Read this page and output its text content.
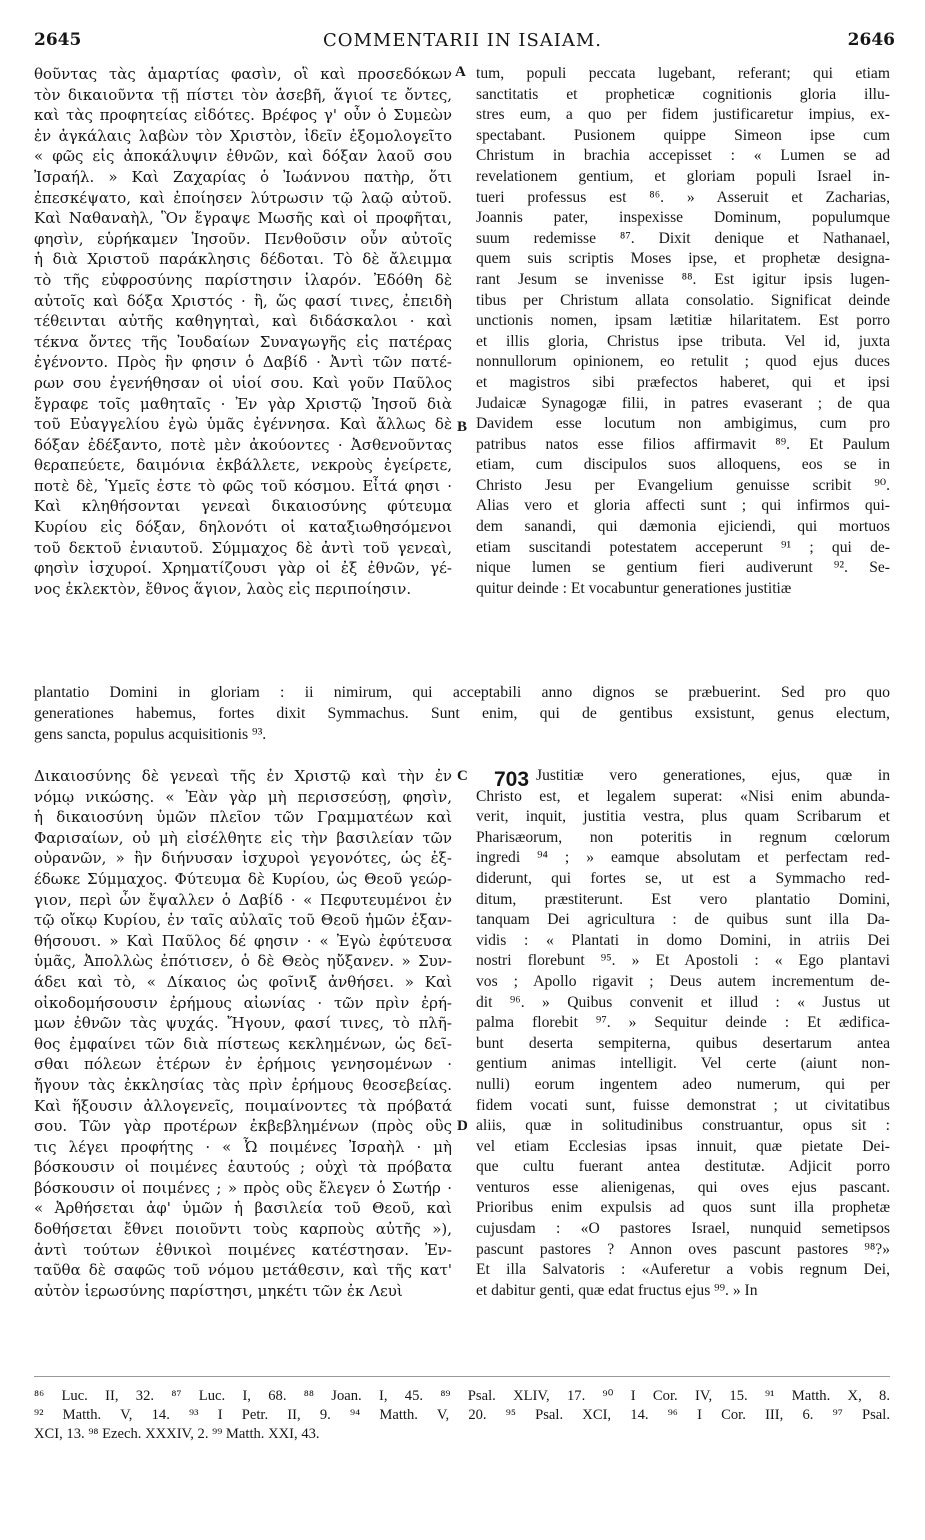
2645	COMMENTARII IN ISAIAM.	2646
θοῦντας τὰς ἁμαρτίας φασὶν, οἳ καὶ προσεδόκων
τὸν δικαιοῦντα τῇ πίστει τὸν ἀσεβῆ, ἅγιοί τε ὄντες,
καὶ τὰς προφητείας εἰδότες. Βρέφος γ' οὖν ὁ Συμεὼν
ἐν ἀγκάλαις λαβὼν τὸν Χριστὸν, ἰδεῖν ἐξομολογεῖτο
« φῶς εἰς ἀποκάλυψιν ἐθνῶν, καὶ δόξαν λαοῦ σου
Ἰσραήλ. » Καὶ Ζαχαρίας ὁ Ἰωάννου πατὴρ, ὅτι
ἐπεσκέψατο, καὶ ἐποίησεν λύτρωσιν τῷ λαῷ αὐτοῦ.
Καὶ Ναθαναὴλ, Ὃν ἔγραψε Μωσῆς καὶ οἱ προφῆται,
φησὶν, εὑρήκαμεν Ἰησοῦν. Πενθοῦσιν οὖν αὐτοῖς
ἡ διὰ Χριστοῦ παράκλησις δέδοται. Τὸ δὲ ἄλειμμα
τὸ τῆς εὐφροσύνης παρίστησιν ἱλαρόν. Ἐδόθη δὲ
αὐτοῖς καὶ δόξα Χριστός · ἢ, ὥς φασί τινες, ἐπειδὴ
τέθεινται αὐτῆς καθηγηταὶ, καὶ διδάσκαλοι · καὶ
τέκνα ὄντες τῆς Ἰουδαίων Συναγωγῆς εἰς πατέρας
ἐγένοντο. Πρὸς ἣν φησιν ὁ Δαβίδ · Ἀντὶ τῶν πατέ-
ρων σου ἐγενήθησαν οἱ υἱοί σου. Καὶ γοῦν Παῦλος
ἔγραφε τοῖς μαθηταῖς · Ἐν γὰρ Χριστῷ Ἰησοῦ διὰ
τοῦ Εὐαγγελίου ἐγὼ ὑμᾶς ἐγέννησα. Καὶ ἄλλως δὲ
δόξαν ἐδέξαντο, ποτὲ μὲν ἀκούοντες · Ἀσθενοῦντας
θεραπεύετε, δαιμόνια ἐκβάλλετε, νεκροὺς ἐγείρετε,
ποτὲ δὲ, Ὑμεῖς ἐστε τὸ φῶς τοῦ κόσμου. Εἶτά φησι ·
Καὶ κληθήσονται γενεαὶ δικαιοσύνης φύτευμα
Κυρίου εἰς δόξαν, δηλονότι οἱ καταξιωθησόμενοι
τοῦ δεκτοῦ ἐνιαυτοῦ. Σύμμαχος δὲ ἀντὶ τοῦ γενεαὶ,
φησὶν ἰσχυροί. Χρηματίζουσι γὰρ οἱ ἐξ ἐθνῶν, γέ-
νος ἐκλεκτὸν, ἔθνος ἅγιον, λαὸς εἰς περιποίησιν.
tum, populi peccata lugebant, referant; qui etiam
sanctitatis et propheticæ cognitionis gloria illu-
stres eum, a quo per fidem justificaretur impius, ex-
spectabant. Pusionem quippe Simeon ipse cum
Christum in brachia accepisset : « Lumen se ad
revelationem gentium, et gloriam populi Israel in-
tueri professus est ⁸⁶. » Asseruit et Zacharias,
Joannis pater, inspexisse Dominum, populumque
suum redemisse ⁸⁷. Dixit denique et Nathanael,
quem suis scriptis Moses ipse, et prophetæ designa-
rant Jesum se invenisse ⁸⁸. Est igitur ipsis lugen-
tibus per Christum allata consolatio. Significat deinde
unctionis nomen, ipsam lætitiæ hilaritatem. Est porro
et illis gloria, Christus ipse tributa. Vel id, juxta
nonnullorum opinionem, eo retulit ; quod ejus duces
et magistros sibi præfectos haberet, qui et ipsi
Judaicæ Synagogæ filii, in patres evaserant ; de qua
Davidem esse locutum non ambigimus, cum pro
patribus natos esse filios affirmavit ⁸⁹. Et Paulum
etiam, cum discipulos suos alloquens, eos se in
Christo Jesu per Evangelium genuisse scribit ⁹⁰.
Alias vero et gloria affecti sunt ; qui infirmos qui-
dem sanandi, qui dæmonia ejiciendi, qui mortuos
etiam suscitandi potestatem acceperunt ⁹¹ ; qui de-
nique lumen se gentium fieri audiverunt ⁹². Se-
quitur deinde : Et vocabuntur generationes justitiæ
A
B
C
D
plantatio Domini in gloriam : ii nimirum, qui acceptabili anno dignos se præbuerint. Sed pro quo
generationes habemus, fortes dixit Symmachus. Sunt enim, qui de gentibus exsistunt, genus electum,
gens sancta, populus acquisitionis ⁹³.
703
Δικαιοσύνης δὲ γενεαὶ τῆς ἐν Χριστῷ καὶ τὴν ἐν
νόμῳ νικώσης. « Ἐὰν γὰρ μὴ περισσεύσῃ, φησὶν,
ἡ δικαιοσύνη ὑμῶν πλεῖον τῶν Γραμματέων καὶ
Φαρισαίων, οὐ μὴ εἰσέλθητε εἰς τὴν βασιλείαν τῶν
οὐρανῶν, » ἣν διήνυσαν ἰσχυροὶ γεγονότες, ὡς ἐξ-
έδωκε Σύμμαχος. Φύτευμα δὲ Κυρίου, ὡς Θεοῦ γεώρ-
γιον, περὶ ὧν ἔψαλλεν ὁ Δαβίδ · « Πεφυτευμένοι ἐν
τῷ οἴκῳ Κυρίου, ἐν ταῖς αὐλαῖς τοῦ Θεοῦ ἡμῶν ἐξαν-
θήσουσι. » Καὶ Παῦλος δέ φησιν · « Ἐγὼ ἐφύτευσα
ὑμᾶς, Ἀπολλὼς ἐπότισεν, ὁ δὲ Θεὸς ηὔξανεν. » Συν-
άδει καὶ τὸ, « Δίκαιος ὡς φοῖνιξ ἀνθήσει. » Καὶ
οἰκοδομήσουσιν ἐρήμους αἰωνίας · τῶν πρὶν ἐρή-
μων ἐθνῶν τὰς ψυχάς. Ἤγουν, φασί τινες, τὸ πλῆ-
θος ἐμφαίνει τῶν διὰ πίστεως κεκλημένων, ὡς δεῖ-
σθαι πόλεων ἑτέρων ἐν ἐρήμοις γενησομένων ·
ἤγουν τὰς ἐκκλησίας τὰς πρὶν ἐρήμους θεοσεβείας.
Καὶ ἥξουσιν ἀλλογενεῖς, ποιμαίνοντες τὰ πρόβατά
σου. Τῶν γὰρ προτέρων ἐκβεβλημένων (πρὸς οὓς
τις λέγει προφήτης · « Ὦ ποιμένες Ἰσραὴλ · μὴ
βόσκουσιν οἱ ποιμένες ἑαυτούς ; οὐχὶ τὰ πρόβατα
βόσκουσιν οἱ ποιμένες ; » πρὸς οὓς ἔλεγεν ὁ Σωτήρ ·
« Ἀρθήσεται ἀφ' ὑμῶν ἡ βασιλεία τοῦ Θεοῦ, καὶ
δοθήσεται ἔθνει ποιοῦντι τοὺς καρποὺς αὐτῆς »),
ἀντὶ τούτων ἐθνικοὶ ποιμένες κατέστησαν. Ἐν-
ταῦθα δὲ σαφῶς τοῦ νόμου μετάθεσιν, καὶ τῆς κατ'
αὐτὸν ἱερωσύνης παρίστησι, μηκέτι τῶν ἐκ Λευὶ
Justitiæ vero generationes, ejus, quæ in
Christo est, et legalem superat: «Nisi enim abunda-
verit, inquit, justitia vestra, plus quam Scribarum et
Pharisæorum, non poteritis in regnum cœlorum
ingredi ⁹⁴ ; » eamque absolutam et perfectam red-
diderunt, qui fortes se, ut est a Symmacho red-
ditum, præstiterunt. Est vero plantatio Domini,
tanquam Dei agricultura : de quibus sunt illa Da-
vidis : « Plantati in domo Domini, in atriis Dei
nostri florebunt ⁹⁵. » Et Apostoli : « Ego plantavi
vos ; Apollo rigavit ; Deus autem incrementum de-
dit ⁹⁶. » Quibus convenit et illud : « Justus ut
palma florebit ⁹⁷. » Sequitur deinde : Et ædifica-
bunt deserta sempiterna, quibus desertarum antea
gentium animas intelligit. Vel certe (aiunt non-
nulli) eorum ingentem adeo numerum, qui per
fidem vocati sunt, fuisse demonstrat ; ut civitatibus
aliis, quæ in solitudinibus construantur, opus sit :
vel etiam Ecclesias ipsas innuit, quæ pietate Dei-
que cultu fuerant antea destitutæ. Adjicit porro
venturos esse alienigenas, qui oves ejus pascant.
Prioribus enim expulsis ad quos sunt illa prophetæ
cujusdam : «O pastores Israel, nunquid semetipsos
pascunt pastores ? Annon oves pascunt pastores ⁹⁸?»
Et illa Salvatoris : «Auferetur a vobis regnum Dei,
et dabitur genti, quæ edat fructus ejus ⁹⁹. » In
⁸⁶ Luc. II, 32. ⁸⁷ Luc. I, 68. ⁸⁸ Joan. I, 45. ⁸⁹ Psal. XLIV, 17. ⁹⁰ I Cor. IV, 15. ⁹¹ Matth. X, 8.
⁹² Matth. V, 14. ⁹³ I Petr. II, 9. ⁹⁴ Matth. V, 20. ⁹⁵ Psal. XCI, 14. ⁹⁶ I Cor. III, 6. ⁹⁷ Psal.
XCI, 13. ⁹⁸ Ezech. XXXIV, 2. ⁹⁹ Matth. XXI, 43.
